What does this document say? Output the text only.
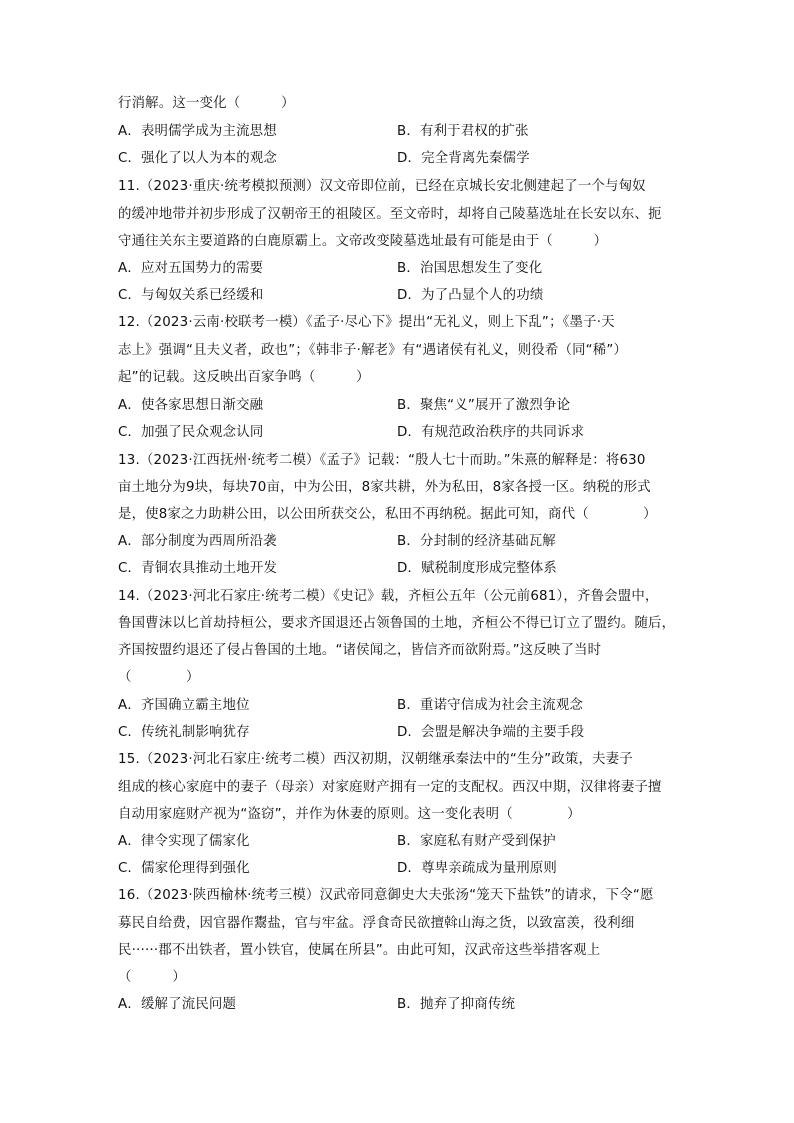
行消解。这一变化（　　　）
A．表明儒学成为主流思想	B．有利于君权的扩张
C．强化了以人为本的观念	D．完全背离先秦儒学
11.（2023·重庆·统考模拟预测）汉文帝即位前，已经在京城长安北侧建起了一个与匈奴
的缓冲地带并初步形成了汉朝帝王的祖陵区。至文帝时，却将自己陵墓选址在长安以东、扼
守通往关东主要道路的白鹿原霸上。文帝改变陵墓选址最有可能是由于（　　　）
A．应对五国势力的需要	B．治国思想发生了变化
C．与匈奴关系已经缓和	D．为了凸显个人的功绩
12.（2023·云南·校联考一模）《孟子·尽心下》提出“无礼义，则上下乱”；《墨子·天
志上》强调“且夫义者，政也”；《韩非子·解老》有“遇诸侯有礼义，则役希（同“稀”）
起”的记载。这反映出百家争鸣（　　　）
A．使各家思想日渐交融	B．聚焦“义”展开了激烈争论
C．加强了民众观念认同	D．有规范政治秩序的共同诉求
13.（2023·江西抚州·统考二模）《孟子》记载：“殷人七十而助。”朱熹的解释是：将630
亩土地分为9块，每块70亩，中为公田，8家共耕，外为私田，8家各授一区。纳税的形式
是，使8家之力助耕公田，以公田所获交公，私田不再纳税。据此可知，商代（　　　　）
A．部分制度为西周所沿袭	B．分封制的经济基础瓦解
C．青铜农具推动土地开发	D．赋税制度形成完整体系
14.（2023·河北石家庄·统考二模）《史记》载，齐桓公五年（公元前681），齐鲁会盟中，
鲁国曹沫以匕首劫持桓公，要求齐国退还占领鲁国的土地，齐桓公不得已订立了盟约。随后，
齐国按盟约退还了侵占鲁国的土地。“诸侯闻之，皆信齐而欲附焉。”这反映了当时
（　　　　）
A．齐国确立霸主地位	B．重诺守信成为社会主流观念
C．传统礼制影响犹存	D．会盟是解决争端的主要手段
15.（2023·河北石家庄·统考二模）西汉初期，汉朝继承秦法中的“生分”政策，夫妻子
组成的核心家庭中的妻子（母亲）对家庭财产拥有一定的支配权。西汉中期，汉律将妻子擅
自动用家庭财产视为“盗窃”，并作为休妻的原则。这一变化表明（　　　　）
A．律令实现了儒家化	B．家庭私有财产受到保护
C．儒家伦理得到强化	D．尊卑亲疏成为量刑原则
16.（2023·陕西榆林·统考三模）汉武帝同意御史大夫张汤“笼天下盐铁”的请求，下令“愿
募民自给费，因官器作鬻盐，官与牢盆。浮食奇民欲擅斡山海之货，以致富羡，役利细
民······郡不出铁者，置小铁官，使属在所县”。由此可知，汉武帝这些举措客观上
（　　　）
A．缓解了流民问题	B．抛弃了抑商传统
